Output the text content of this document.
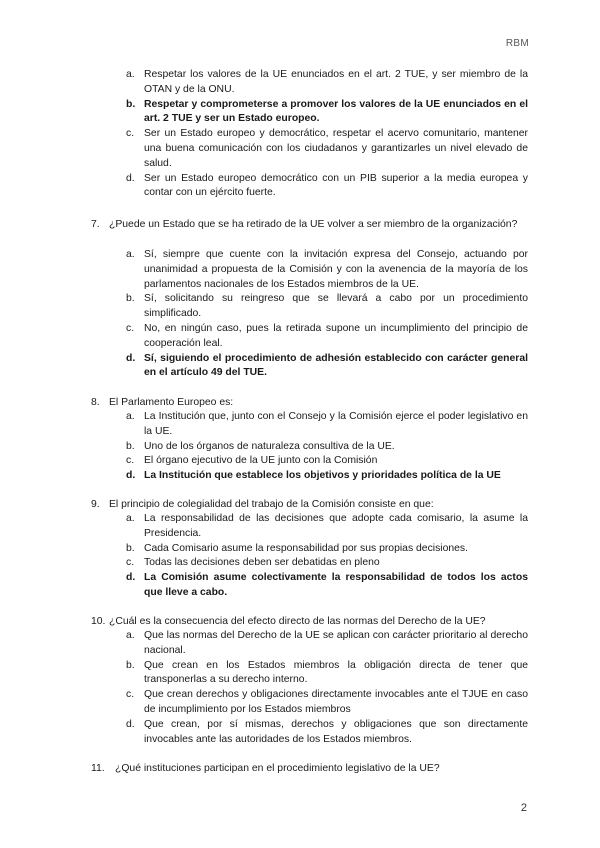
RBM
a. Respetar los valores de la UE enunciados en el art. 2 TUE, y ser miembro de la OTAN y de la ONU.
b. Respetar y comprometerse a promover los valores de la UE enunciados en el art. 2 TUE y ser un Estado europeo.
c. Ser un Estado europeo y democrático, respetar el acervo comunitario, mantener una buena comunicación con los ciudadanos y garantizarles un nivel elevado de salud.
d. Ser un Estado europeo democrático con un PIB superior a la media europea y contar con un ejército fuerte.
7. ¿Puede un Estado que se ha retirado de la UE volver a ser miembro de la organización?
a. Sí, siempre que cuente con la invitación expresa del Consejo, actuando por unanimidad a propuesta de la Comisión y con la avenencia de la mayoría de los parlamentos nacionales de los Estados miembros de la UE.
b. Sí, solicitando su reingreso que se llevará a cabo por un procedimiento simplificado.
c. No, en ningún caso, pues la retirada supone un incumplimiento del principio de cooperación leal.
d. Sí, siguiendo el procedimiento de adhesión establecido con carácter general en el artículo 49 del TUE.
8. El Parlamento Europeo es:
a. La Institución que, junto con el Consejo y la Comisión ejerce el poder legislativo en la UE.
b. Uno de los órganos de naturaleza consultiva de la UE.
c. El órgano ejecutivo de la UE junto con la Comisión
d. La Institución que establece los objetivos y prioridades política de la UE
9. El principio de colegialidad del trabajo de la Comisión consiste en que:
a. La responsabilidad de las decisiones que adopte cada comisario, la asume la Presidencia.
b. Cada Comisario asume la responsabilidad por sus propias decisiones.
c. Todas las decisiones deben ser debatidas en pleno
d. La Comisión asume colectivamente la responsabilidad de todos los actos que lleve a cabo.
10. ¿Cuál es la consecuencia del efecto directo de las normas del Derecho de la UE?
a. Que las normas del Derecho de la UE se aplican con carácter prioritario al derecho nacional.
b. Que crean en los Estados miembros la obligación directa de tener que transponerlas a su derecho interno.
c. Que crean derechos y obligaciones directamente invocables ante el TJUE en caso de incumplimiento por los Estados miembros
d. Que crean, por sí mismas, derechos y obligaciones que son directamente invocables ante las autoridades de los Estados miembros.
11. ¿Qué instituciones participan en el procedimiento legislativo de la UE?
2
